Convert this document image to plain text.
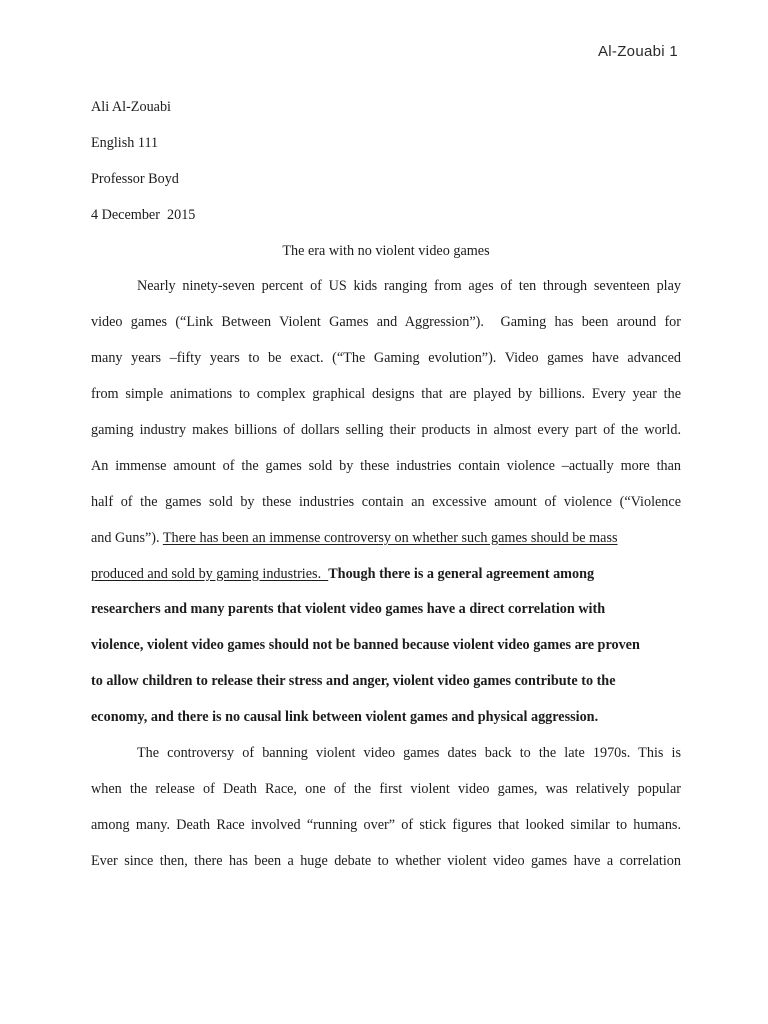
Al-Zouabi 1
Ali Al-Zouabi
English 111
Professor Boyd
4 December  2015
The era with no violent video games
Nearly ninety-seven percent of US kids ranging from ages of ten through seventeen play
video games (“Link Between Violent Games and Aggression”).  Gaming has been around for
many years –fifty years to be exact. (“The Gaming evolution”). Video games have advanced
from simple animations to complex graphical designs that are played by billions. Every year the
gaming industry makes billions of dollars selling their products in almost every part of the world.
An immense amount of the games sold by these industries contain violence –actually more than
half of the games sold by these industries contain an excessive amount of violence (“Violence
and Guns”). There has been an immense controversy on whether such games should be mass
produced and sold by gaming industries.  Though there is a general agreement among
researchers and many parents that violent video games have a direct correlation with
violence, violent video games should not be banned because violent video games are proven
to allow children to release their stress and anger, violent video games contribute to the
economy, and there is no causal link between violent games and physical aggression.
The controversy of banning violent video games dates back to the late 1970s. This is
when the release of Death Race, one of the first violent video games, was relatively popular
among many. Death Race involved “running over” of stick figures that looked similar to humans.
Ever since then, there has been a huge debate to whether violent video games have a correlation
